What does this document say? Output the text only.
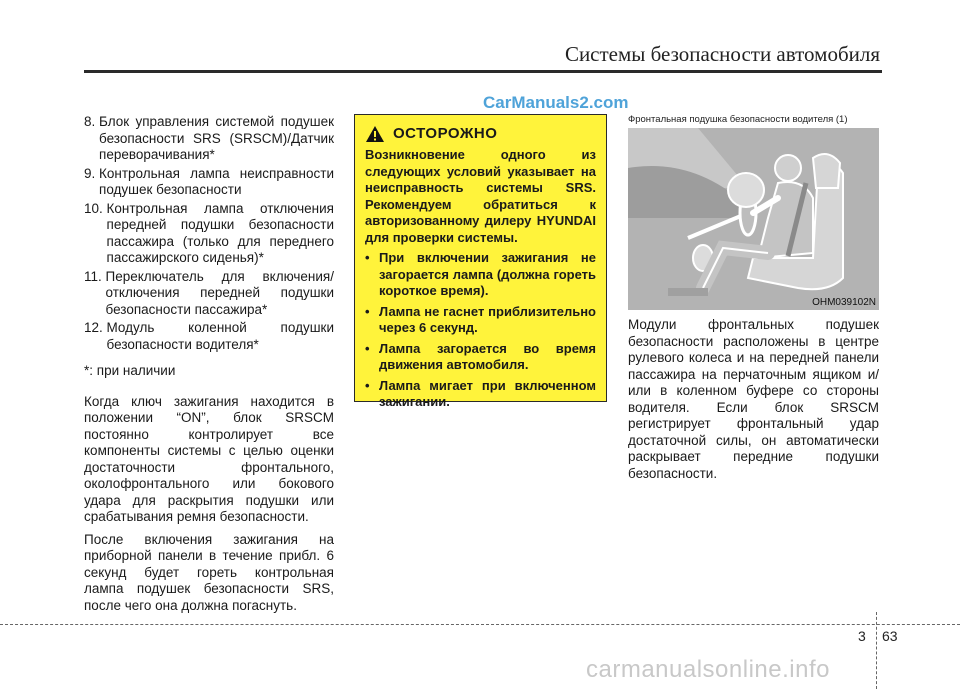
Системы безопасности автомобиля
CarManuals2.com
8. Блок управления системой подушек безопасности SRS (SRSCM)/Датчик переворачивания*
9. Контрольная лампа неисправности подушек безопасности
10. Контрольная лампа отключения передней подушки безопасности пассажира (только для переднего пассажирского сиденья)*
11. Переключатель для включения/ отключения передней подушки безопасности пассажира*
12. Модуль коленной подушки безопасности водителя*

*: при наличии

Когда ключ зажигания находится в положении “ON”, блок SRSCM постоянно контролирует все компоненты системы с целью оценки достаточности фронтального, околофронтального или бокового удара для раскрытия подушки или срабатывания ремня безопасности.

После включения зажигания на приборной панели в течение прибл. 6 секунд будет гореть контрольная лампа подушек безопасности SRS, после чего она должна погаснуть.

ОСТОРОЖНО
Возникновение одного из следующих условий указывает на неисправность системы SRS. Рекомендуем обратиться к авторизованному дилеру HYUNDAI для проверки системы.
• При включении зажигания не загорается лампа (должна гореть короткое время).
• Лампа не гаснет приблизительно через 6 секунд.
• Лампа загорается во время движения автомобиля.
• Лампа мигает при включенном зажигании.
Фронтальная подушка безопасности водителя (1)
OHM039102N

Модули фронтальных подушек безопасности расположены в центре рулевого колеса и на передней панели пассажира на перчаточным ящиком и/или в коленном буфере со стороны водителя. Если блок SRSCM регистрирует фронтальный удар достаточной силы, он автоматически раскрывает передние подушки безопасности.

3 63
carmanualsonline.info
